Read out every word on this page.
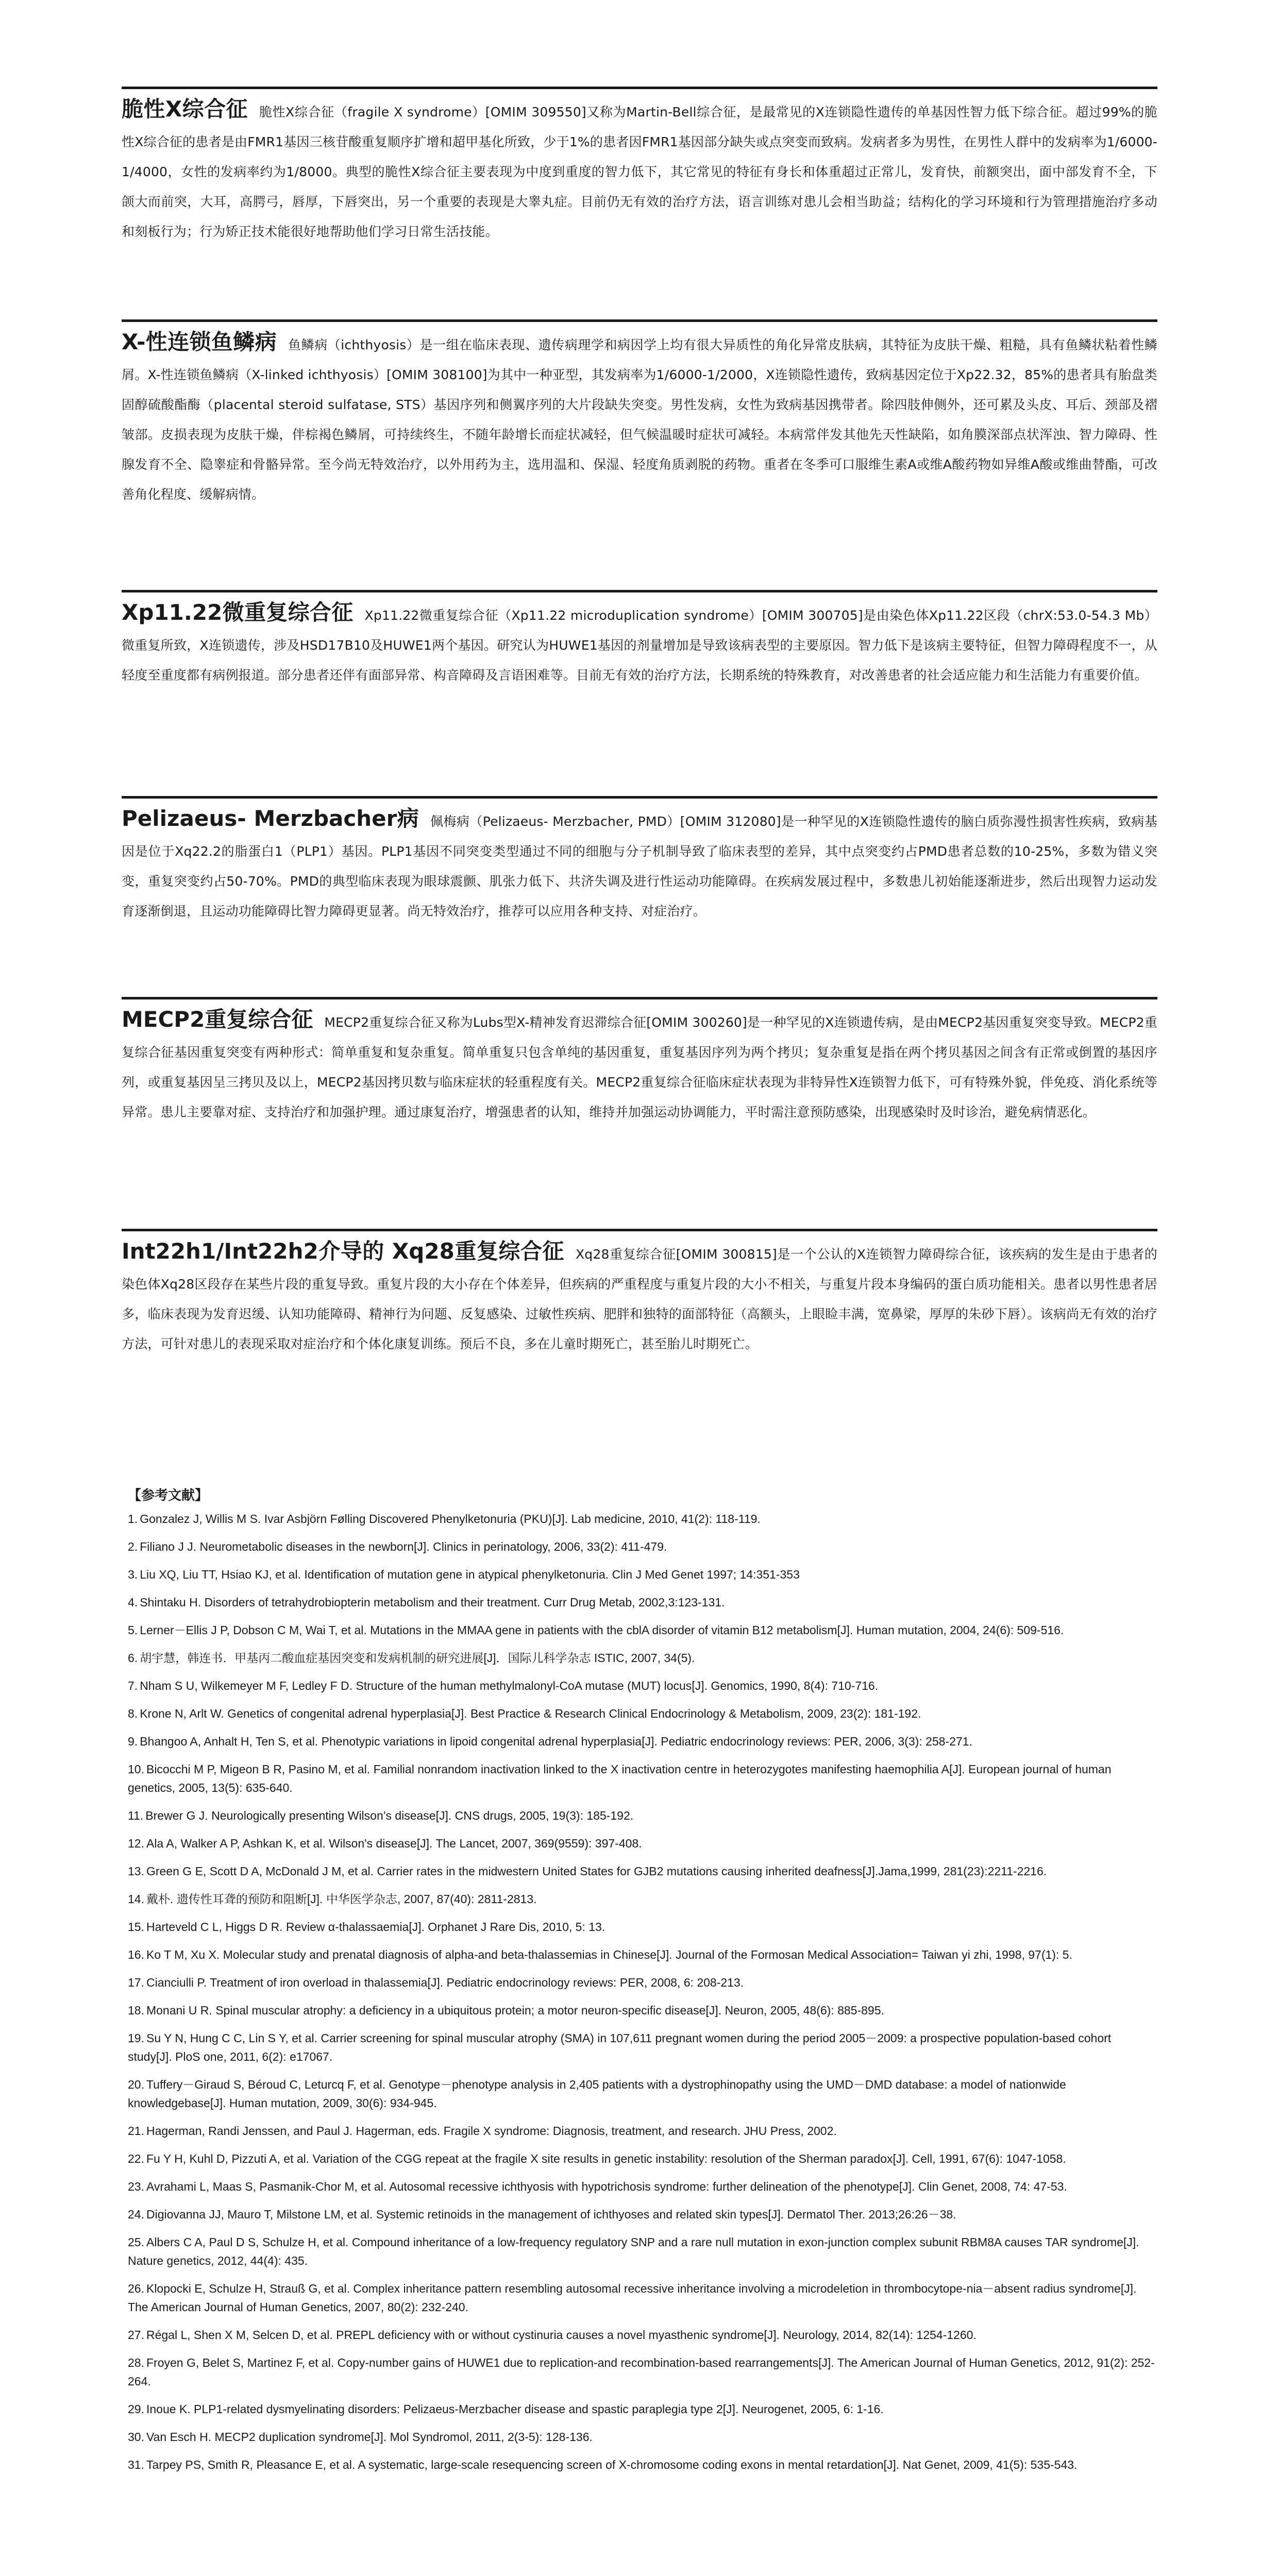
脆性X综合征 脆性X综合征（fragile X syndrome）[OMIM 309550]又称为Martin-Bell综合征，是最常见的X连锁隐性遗传的单基因性智力低下综合征。超过99%的脆性X综合征的患者是由FMR1基因三核苷酸重复顺序扩增和超甲基化所致，少于1%的患者因FMR1基因部分缺失或点突变而致病。发病者多为男性，在男性人群中的发病率为1/6000-1/4000，女性的发病率约为1/8000。典型的脆性X综合征主要表现为中度到重度的智力低下，其它常见的特征有身长和体重超过正常儿，发育快，前额突出，面中部发育不全，下颌大而前突，大耳，高腭弓，唇厚，下唇突出，另一个重要的表现是大睾丸症。目前仍无有效的治疗方法，语言训练对患儿会相当助益；结构化的学习环境和行为管理措施治疗多动和刻板行为；行为矫正技术能很好地帮助他们学习日常生活技能。
X-性连锁鱼鳞病 鱼鳞病（ichthyosis）是一组在临床表现、遗传病理学和病因学上均有很大异质性的角化异常皮肤病，其特征为皮肤干燥、粗糙，具有鱼鳞状粘着性鳞屑。X-性连锁鱼鳞病（X-linked ichthyosis）[OMIM 308100]为其中一种亚型，其发病率为1/6000-1/2000，X连锁隐性遗传，致病基因定位于Xp22.32，85%的患者具有胎盘类固醇硫酸酯酶（placental steroid sulfatase, STS）基因序列和侧翼序列的大片段缺失突变。男性发病，女性为致病基因携带者。除四肢伸侧外，还可累及头皮、耳后、颈部及褶皱部。皮损表现为皮肤干燥，伴棕褐色鳞屑，可持续终生，不随年龄增长而症状减轻，但气候温暖时症状可减轻。本病常伴发其他先天性缺陷，如角膜深部点状浑浊、智力障碍、性腺发育不全、隐睾症和骨骼异常。至今尚无特效治疗，以外用药为主，选用温和、保湿、轻度角质剥脱的药物。重者在冬季可口服维生素A或维A酸药物如异维A酸或维曲替酯，可改善角化程度、缓解病情。
Xp11.22微重复综合征 Xp11.22微重复综合征（Xp11.22 microduplication syndrome）[OMIM 300705]是由染色体Xp11.22区段（chrX:53.0-54.3 Mb）微重复所致，X连锁遗传，涉及HSD17B10及HUWE1两个基因。研究认为HUWE1基因的剂量增加是导致该病表型的主要原因。智力低下是该病主要特征，但智力障碍程度不一，从轻度至重度都有病例报道。部分患者还伴有面部异常、构音障碍及言语困难等。目前无有效的治疗方法，长期系统的特殊教育，对改善患者的社会适应能力和生活能力有重要价值。
Pelizaeus- Merzbacher病 佩梅病（Pelizaeus- Merzbacher, PMD）[OMIM 312080]是一种罕见的X连锁隐性遗传的脑白质弥漫性损害性疾病，致病基因是位于Xq22.2的脂蛋白1（PLP1）基因。PLP1基因不同突变类型通过不同的细胞与分子机制导致了临床表型的差异，其中点突变约占PMD患者总数的10-25%，多数为错义突变，重复突变约占50-70%。PMD的典型临床表现为眼球震颤、肌张力低下、共济失调及进行性运动功能障碍。在疾病发展过程中，多数患儿初始能逐渐进步，然后出现智力运动发育逐渐倒退，且运动功能障碍比智力障碍更显著。尚无特效治疗，推荐可以应用各种支持、对症治疗。
MECP2重复综合征 MECP2重复综合征又称为Lubs型X-精神发育迟滞综合征[OMIM 300260]是一种罕见的X连锁遗传病，是由MECP2基因重复突变导致。MECP2重复综合征基因重复突变有两种形式：简单重复和复杂重复。简单重复只包含单纯的基因重复，重复基因序列为两个拷贝；复杂重复是指在两个拷贝基因之间含有正常或倒置的基因序列，或重复基因呈三拷贝及以上，MECP2基因拷贝数与临床症状的轻重程度有关。MECP2重复综合征临床症状表现为非特异性X连锁智力低下，可有特殊外貌，伴免疫、消化系统等异常。患儿主要靠对症、支持治疗和加强护理。通过康复治疗，增强患者的认知，维持并加强运动协调能力，平时需注意预防感染，出现感染时及时诊治，避免病情恶化。
Int22h1/Int22h2介导的 Xq28重复综合征 Xq28重复综合征[OMIM 300815]是一个公认的X连锁智力障碍综合征，该疾病的发生是由于患者的染色体Xq28区段存在某些片段的重复导致。重复片段的大小存在个体差异，但疾病的严重程度与重复片段的大小不相关，与重复片段本身编码的蛋白质功能相关。患者以男性患者居多，临床表现为发育迟缓、认知功能障碍、精神行为问题、反复感染、过敏性疾病、肥胖和独特的面部特征（高额头，上眼睑丰满，宽鼻梁，厚厚的朱砂下唇）。该病尚无有效的治疗方法，可针对患儿的表现采取对症治疗和个体化康复训练。预后不良，多在儿童时期死亡，甚至胎儿时期死亡。
【参考文献】
1. Gonzalez J, Willis M S. Ivar Asbjörn Følling Discovered Phenylketonuria (PKU)[J]. Lab medicine, 2010, 41(2): 118-119.
2. Filiano J J. Neurometabolic diseases in the newborn[J]. Clinics in perinatology, 2006, 33(2): 411-479.
3. Liu XQ, Liu TT, Hsiao KJ, et al. Identification of mutation gene in atypical phenylketonuria. Clin J Med Genet 1997; 14:351-353
4. Shintaku H. Disorders of tetrahydrobiopterin metabolism and their treatment. Curr Drug Metab, 2002,3:123-131.
5. Lerner－Ellis J P, Dobson C M, Wai T, et al. Mutations in the MMAA gene in patients with the cblA disorder of vitamin B12 metabolism[J]. Human mutation, 2004, 24(6): 509-516.
6. 胡宇慧，韩连书．甲基丙二酸血症基因突变和发病机制的研究进展[J]．国际儿科学杂志 ISTIC, 2007, 34(5).
7. Nham S U, Wilkemeyer M F, Ledley F D. Structure of the human methylmalonyl-CoA mutase (MUT) locus[J]. Genomics, 1990, 8(4): 710-716.
8. Krone N, Arlt W. Genetics of congenital adrenal hyperplasia[J]. Best Practice & Research Clinical Endocrinology & Metabolism, 2009, 23(2): 181-192.
9. Bhangoo A, Anhalt H, Ten S, et al. Phenotypic variations in lipoid congenital adrenal hyperplasia[J]. Pediatric endocrinology reviews: PER, 2006, 3(3): 258-271.
10. Bicocchi M P, Migeon B R, Pasino M, et al. Familial nonrandom inactivation linked to the X inactivation centre in heterozygotes manifesting haemophilia A[J]. European journal of human genetics, 2005, 13(5): 635-640.
11. Brewer G J. Neurologically presenting Wilson’s disease[J]. CNS drugs, 2005, 19(3): 185-192.
12. Ala A, Walker A P, Ashkan K, et al. Wilson's disease[J]. The Lancet, 2007, 369(9559): 397-408.
13. Green G E, Scott D A, McDonald J M, et al. Carrier rates in the midwestern United States for GJB2 mutations causing inherited deafness[J].Jama,1999, 281(23):2211-2216.
14. 戴朴. 遗传性耳聋的预防和阻断[J]. 中华医学杂志, 2007, 87(40): 2811-2813.
15. Harteveld C L, Higgs D R. Review α-thalassaemia[J]. Orphanet J Rare Dis, 2010, 5: 13.
16. Ko T M, Xu X. Molecular study and prenatal diagnosis of alpha-and beta-thalassemias in Chinese[J]. Journal of the Formosan Medical Association= Taiwan yi zhi, 1998, 97(1): 5.
17. Cianciulli P. Treatment of iron overload in thalassemia[J]. Pediatric endocrinology reviews: PER, 2008, 6: 208-213.
18. Monani U R. Spinal muscular atrophy: a deficiency in a ubiquitous protein; a motor neuron-specific disease[J]. Neuron, 2005, 48(6): 885-895.
19. Su Y N, Hung C C, Lin S Y, et al. Carrier screening for spinal muscular atrophy (SMA) in 107,611 pregnant women during the period 2005－2009: a prospective population-based cohort study[J]. PloS one, 2011, 6(2): e17067.
20. Tuffery－Giraud S, Béroud C, Leturcq F, et al. Genotype－phenotype analysis in 2,405 patients with a dystrophinopathy using the UMD－DMD database: a model of nationwide knowledgebase[J]. Human mutation, 2009, 30(6): 934-945.
21. Hagerman, Randi Jenssen, and Paul J. Hagerman, eds. Fragile X syndrome: Diagnosis, treatment, and research. JHU Press, 2002.
22. Fu Y H, Kuhl D, Pizzuti A, et al. Variation of the CGG repeat at the fragile X site results in genetic instability: resolution of the Sherman paradox[J]. Cell, 1991, 67(6): 1047-1058.
23. Avrahami L, Maas S, Pasmanik-Chor M, et al. Autosomal recessive ichthyosis with hypotrichosis syndrome: further delineation of the phenotype[J]. Clin Genet, 2008, 74: 47-53.
24. Digiovanna JJ, Mauro T, Milstone LM, et al. Systemic retinoids in the management of ichthyoses and related skin types[J]. Dermatol Ther. 2013;26:26－38.
25. Albers C A, Paul D S, Schulze H, et al. Compound inheritance of a low-frequency regulatory SNP and a rare null mutation in exon-junction complex subunit RBM8A causes TAR syndrome[J]. Nature genetics, 2012, 44(4): 435.
26. Klopocki E, Schulze H, Strauß G, et al. Complex inheritance pattern resembling autosomal recessive inheritance involving a microdeletion in thrombocytope-nia－absent radius syndrome[J]. The American Journal of Human Genetics, 2007, 80(2): 232-240.
27. Régal L, Shen X M, Selcen D, et al. PREPL deficiency with or without cystinuria causes a novel myasthenic syndrome[J]. Neurology, 2014, 82(14): 1254-1260.
28. Froyen G, Belet S, Martinez F, et al. Copy-number gains of HUWE1 due to replication-and recombination-based rearrangements[J]. The American Journal of Human Genetics, 2012, 91(2): 252-264.
29. Inoue K. PLP1-related dysmyelinating disorders: Pelizaeus-Merzbacher disease and spastic paraplegia type 2[J]. Neurogenet, 2005, 6: 1-16.
30. Van Esch H. MECP2 duplication syndrome[J]. Mol Syndromol, 2011, 2(3-5): 128-136.
31. Tarpey PS, Smith R, Pleasance E, et al. A systematic, large-scale resequencing screen of X-chromosome coding exons in mental retardation[J]. Nat Genet, 2009, 41(5): 535-543.
